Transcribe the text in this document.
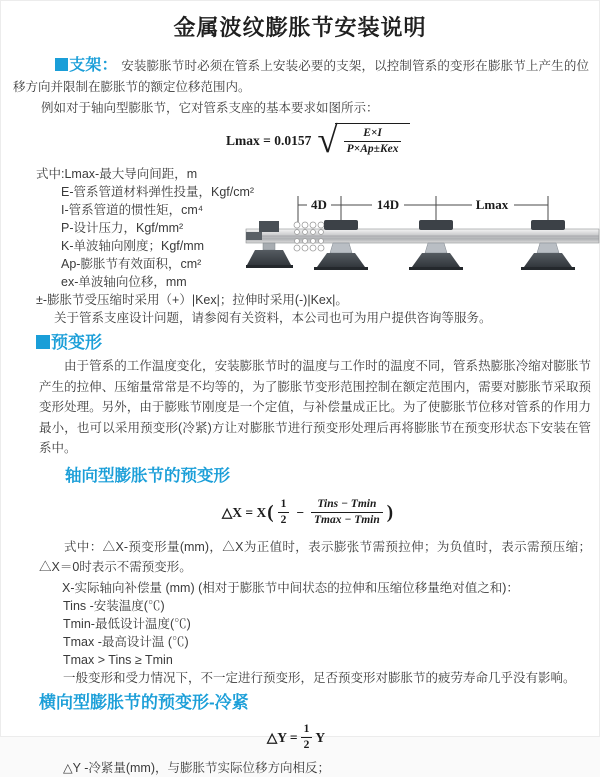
金属波纹膨胀节安装说明
支架： 安装膨胀节时必须在管系上安装必要的支架，以控制管系的变形在膨胀节上产生的位移方向并限制在膨胀节的额定位移范围内。
例如对于轴向型膨胀节，它对管系支座的基本要求如图所示：
Lmax = 0.0157 √ $\frac{E\times I}{\text{P×Ap±Kex}}$
式中:Lmax-最大导向间距，m
E-管系管道材料弹性投量，Kgf/cm²
I-管系管道的惯性矩，cm⁴
P-设计压力，Kgf/mm²
K-单波轴向刚度；Kgf/mm
Ap-膨胀节有效面积，cm²
ex-单波轴向位移，mm
±-膨胀节受压缩时采用（+）|Kex|；拉伸时采用(-)|Kex|。
关于管系支座设计问题，请参阅有关资料，本公司也可为用户提供咨询等服务。
4D	14D	Lmax
预变形
由于管系的工作温度变化，安装膨胀节时的温度与工作时的温度不同，管系热膨胀冷缩对膨胀节产生的拉伸、压缩量常常是不均等的，为了膨胀节变形范围控制在额定范围内，需要对膨胀节采取预变形处理。另外，由于膨账节刚度是一个定值，与补偿量成正比。为了使膨胀节位移对管系的作用力最小，也可以采用预变形(冷紧)方让对膨胀节进行预变形处理后再将膨胀节在预变形状态下安装在管系中。
轴向型膨胀节的预变形
△X = X ( $\frac{1}{2} - \frac{\text{Tins − Tmin}}{Tmax - Tmin}$ )
式中：△X-预变形量(mm)，△X为正值时，表示膨张节需预拉伸；为负值时，表示需预压缩；△X＝0时表示不需预变形。
X-实际轴向补偿量 (mm) (相对于膨胀节中间状态的拉伸和压缩位移量绝对值之和)：
Tins -安装温度(℃)
Tmin-最低设计温度(℃)
Tmax -最高设计温 (℃)
Tmax > Tins ≥ Tmin
一般变形和受力情况下，不一定进行预变形，足否预变形对膨胀节的疲劳寿命几乎没有影响。
横向型膨胀节的预变形-冷紧
△Y = $\frac{1}{2}$ Y
△Y -冷紧量(mm)，与膨胀节实际位移方向相反；
